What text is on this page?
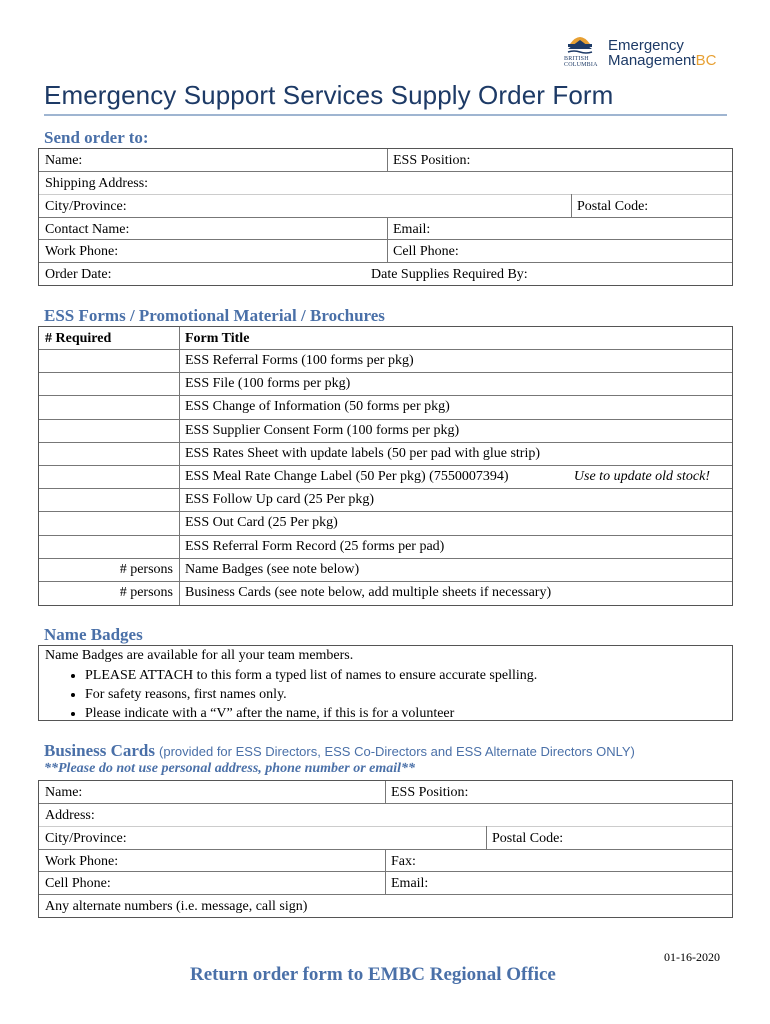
BRITISH
COLUMBIA
Emergency
ManagementBC
Emergency Support Services Supply Order Form
Send order to:
Name:	ESS Position:
Shipping Address:
City/Province:	Postal Code:
Contact Name:	Email:
Work Phone:	Cell Phone:
Order Date:	Date Supplies Required By:
ESS Forms / Promotional Material / Brochures
# Required	Form Title
ESS Referral Forms (100 forms per pkg)
ESS File (100 forms per pkg)
ESS Change of Information (50 forms per pkg)
ESS Supplier Consent Form (100 forms per pkg)
ESS Rates Sheet with update labels (50 per pad with glue strip)
ESS Meal Rate Change Label (50 Per pkg) (7550007394)	Use to update old stock!
ESS Follow Up card (25 Per pkg)
ESS Out Card (25 Per pkg)
ESS Referral Form Record (25 forms per pad)
# persons Name Badges (see note below)
# persons Business Cards (see note below, add multiple sheets if necessary)
Name Badges
Name Badges are available for all your team members.
• PLEASE ATTACH to this form a typed list of names to ensure accurate spelling.
• For safety reasons, first names only.
• Please indicate with a “V” after the name, if this is for a volunteer
Business Cards (provided for ESS Directors, ESS Co-Directors and ESS Alternate Directors ONLY)
**Please do not use personal address, phone number or email**
Name:	ESS Position:
Address:
City/Province:	Postal Code:
Work Phone:	Fax:
Cell Phone:	Email:
Any alternate numbers (i.e. message, call sign)
01-16-2020
Return order form to EMBC Regional Office
